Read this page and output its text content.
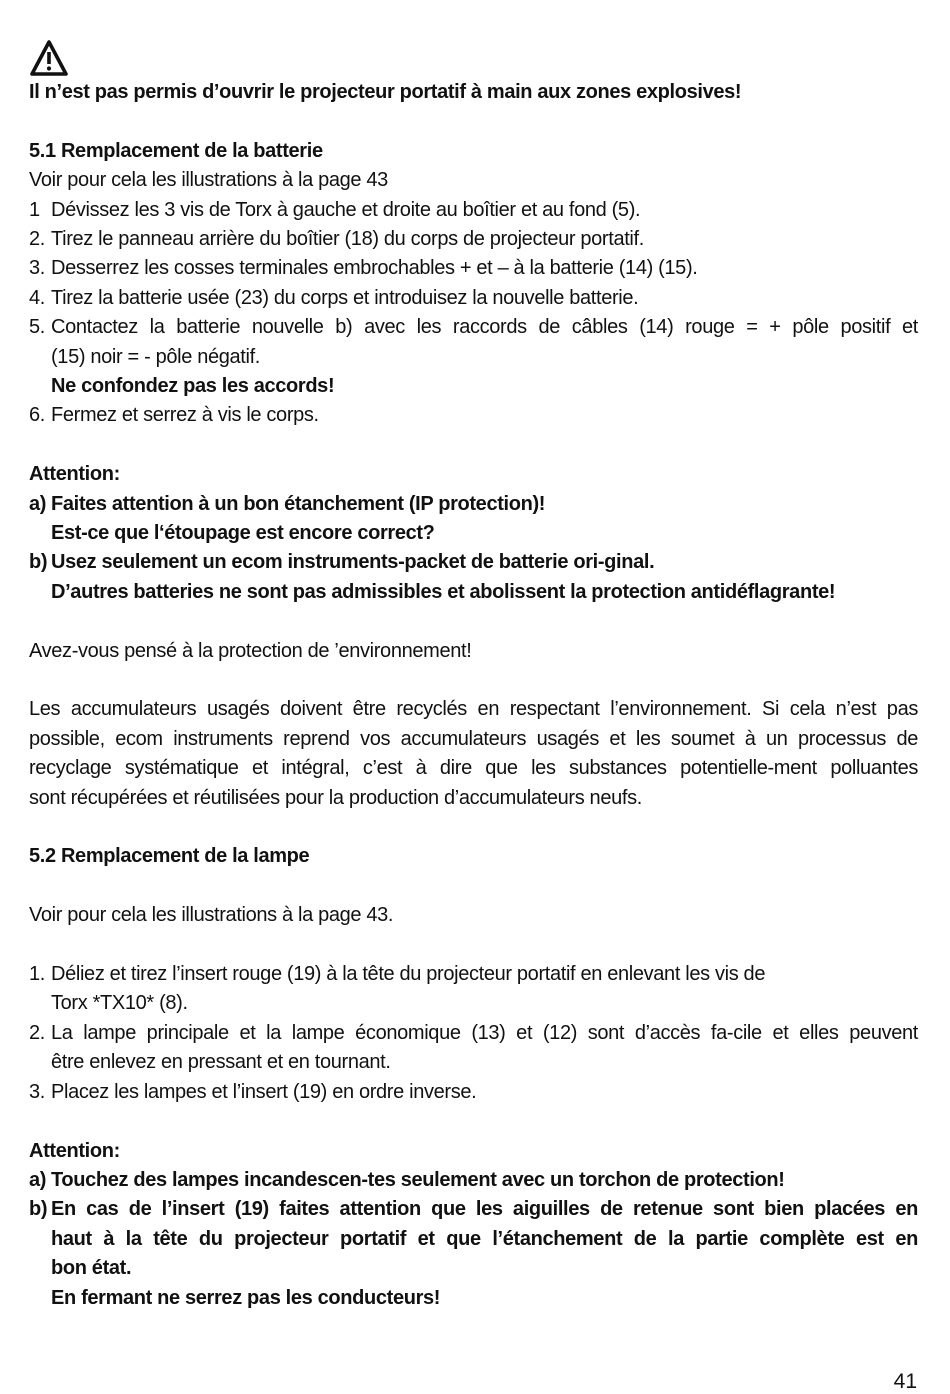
Il n’est pas permis d’ouvrir le projecteur portatif à main aux zones explosives!
5.1 Remplacement de la batterie
Voir pour cela les illustrations à la page 43
1 Dévissez les 3 vis de Torx à gauche et droite au boîtier et au fond (5).
2. Tirez le panneau arrière du boîtier (18) du corps de projecteur portatif.
3. Desserrez les cosses terminales embrochables + et – à la batterie (14) (15).
4. Tirez la batterie usée (23) du corps et introduisez la nouvelle batterie.
5. Contactez la batterie nouvelle b) avec les raccords de câbles (14) rouge = + pôle positif et
(15) noir = - pôle négatif.
Ne confondez pas les accords!
6. Fermez et serrez à vis le corps.
Attention:
a) Faites attention à un bon étanchement (IP protection)!
Est-ce que l‘étoupage est encore correct?
b) Usez seulement un ecom instruments-packet de batterie ori-ginal.
D’autres batteries ne sont pas admissibles et abolissent la protection antidéflagrante!
Avez-vous pensé à la protection de ’environnement!
Les accumulateurs usagés doivent être recyclés en respectant l’environnement. Si cela n’est pas
possible, ecom instruments reprend vos accumulateurs usagés et les soumet à un processus de
recyclage systématique et intégral, c’est à dire que les substances potentielle-ment polluantes
sont récupérées et réutilisées pour la production d’accumulateurs neufs.
5.2 Remplacement de la lampe
Voir pour cela les illustrations à la page 43.
1. Déliez et tirez l’insert rouge (19) à la tête du projecteur portatif en enlevant les vis de
Torx *TX10* (8).
2. La lampe principale et la lampe économique (13) et (12) sont d’accès fa-cile et elles peuvent
être enlevez en pressant et en tournant.
3. Placez les lampes et l’insert (19) en ordre inverse.
Attention:
a) Touchez des lampes incandescen-tes seulement avec un torchon de protection!
b) En cas de l’insert (19) faites attention que les aiguilles de retenue sont bien placées en
haut à la tête du projecteur portatif et que l’étanchement de la partie complète est en
bon état.
En fermant ne serrez pas les conducteurs!
41
